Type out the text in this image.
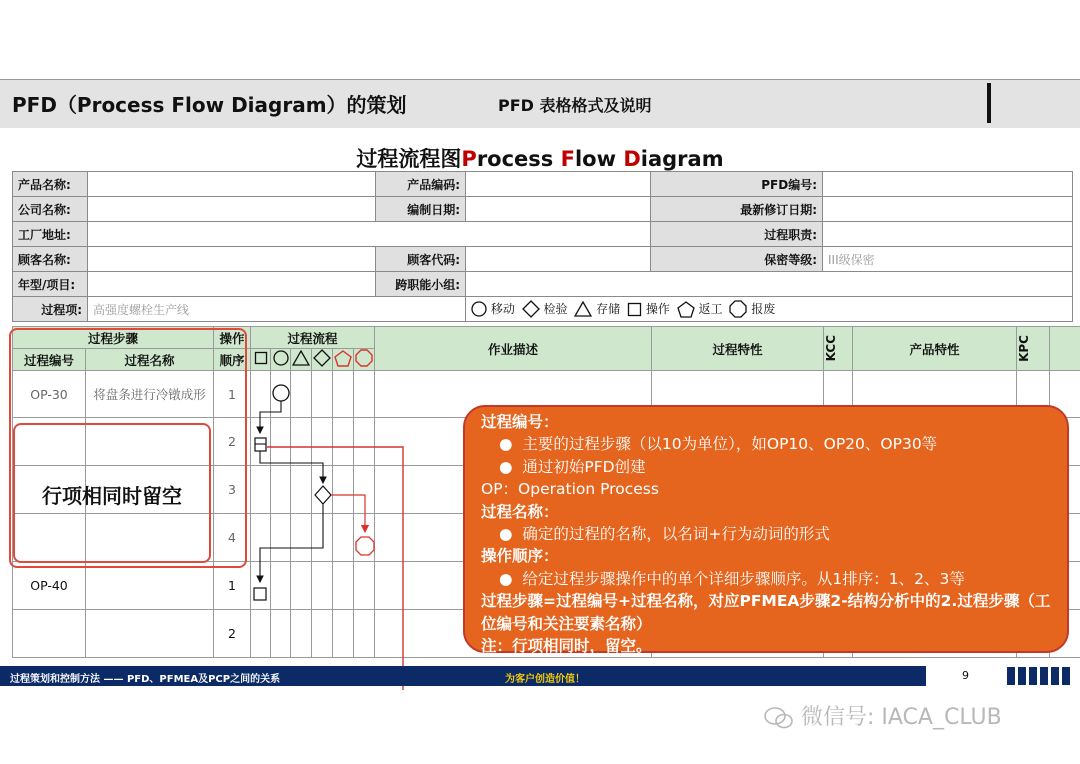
PFD（Process Flow Diagram）的策划	PFD 表格格式及说明
过程流程图Process Flow Diagram
产品名称:		产品编码:		PFD编号:	
公司名称:		编制日期:		最新修订日期:	
工厂地址:				过程职责:	
顾客名称:		顾客代码:		保密等级:	III级保密
年型/项目:		跨职能小组:			
过程项:	高强度螺栓生产线		移动 检验 存储 操作 返工 报废		
过程步骤		操作	过程流程						作业描述	过程特性	KCC	产品特性	KPC	

过程编号	过程名称	顺序						
OP-30	将盘条进行冷镦成形	1												
		2												
		3												
		4												
OP-40		1												
		2												
行项相同时留空
过程编号：
●  主要的过程步骤（以10为单位），如OP10、OP20、OP30等
●  通过初始PFD创建
OP：Operation Process
过程名称：
●  确定的过程的名称，以名词+行为动词的形式
操作顺序：
●  给定过程步骤操作中的单个详细步骤顺序。从1排序：1、2、3等
过程步骤=过程编号+过程名称，对应PFMEA步骤2-结构分析中的2.过程步骤（工位编号和关注要素名称）
注：行项相同时，留空。
过程策划和控制方法 —— PFD、PFMEA及PCP之间的关系	为客户创造价值！	9
微信号: IACA_CLUB
